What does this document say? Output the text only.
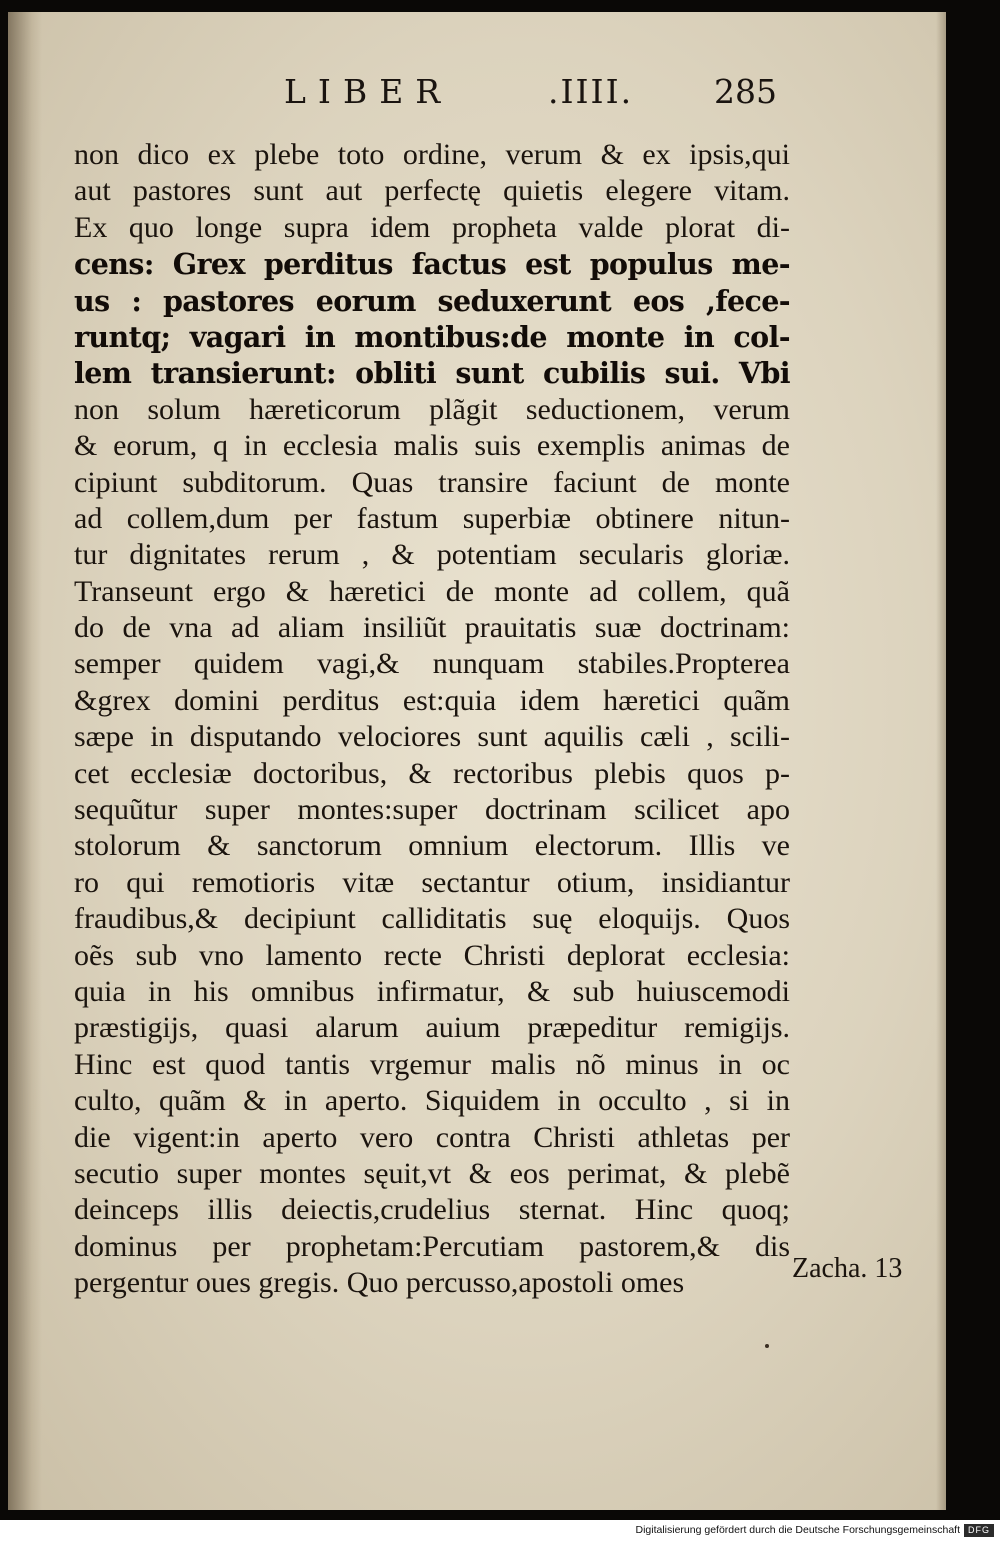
LIBER	.IIII. 285
non dico ex plebe toto ordine, verum & ex ipsis,qui
aut pastores sunt aut perfectę quietis elegere vitam.
Ex quo longe supra idem propheta valde plorat di-
cens: Grex perditus factus est populus me-
us : pastores eorum seduxerunt eos ,fece-
runtq; vagari in montibus:de monte in col-
lem transierunt: obliti sunt cubilis sui. Vbi
non solum hæreticorum plãgit seductionem, verum
& eorum, q in ecclesia malis suis exemplis animas de
cipiunt subditorum. Quas transire faciunt de monte
ad collem,dum per fastum superbiæ obtinere nitun-
tur dignitates rerum , & potentiam secularis gloriæ.
Transeunt ergo & hæretici de monte ad collem, quã
do de vna ad aliam insiliũt prauitatis suæ doctrinam:
semper quidem vagi,& nunquam stabiles.Propterea
&grex domini perditus est:quia idem hæretici quãm
sæpe in disputando velociores sunt aquilis cæli , scili-
cet ecclesiæ doctoribus, & rectoribus plebis quos p-
sequũtur super montes:super doctrinam scilicet apo
stolorum & sanctorum omnium electorum. Illis ve
ro qui remotioris vitæ sectantur otium, insidiantur
fraudibus,& decipiunt calliditatis suę eloquijs. Quos
oẽs sub vno lamento recte Christi deplorat ecclesia:
quia in his omnibus infirmatur, & sub huiuscemodi
præstigijs, quasi alarum auium præpeditur remigijs.
Hinc est quod tantis vrgemur malis nõ minus in oc
culto, quãm & in aperto. Siquidem in occulto , si in
die vigent:in aperto vero contra Christi athletas per
secutio super montes sęuit,vt & eos perimat, & plebẽ
deinceps illis deiectis,crudelius sternat. Hinc quoq;
dominus per prophetam:Percutiam pastorem,& dis
pergentur oues gregis. Quo percusso,apostoli omes	Zacha. 13
Digitalisierung gefördert durch die Deutsche Forschungsgemeinschaft DFG
